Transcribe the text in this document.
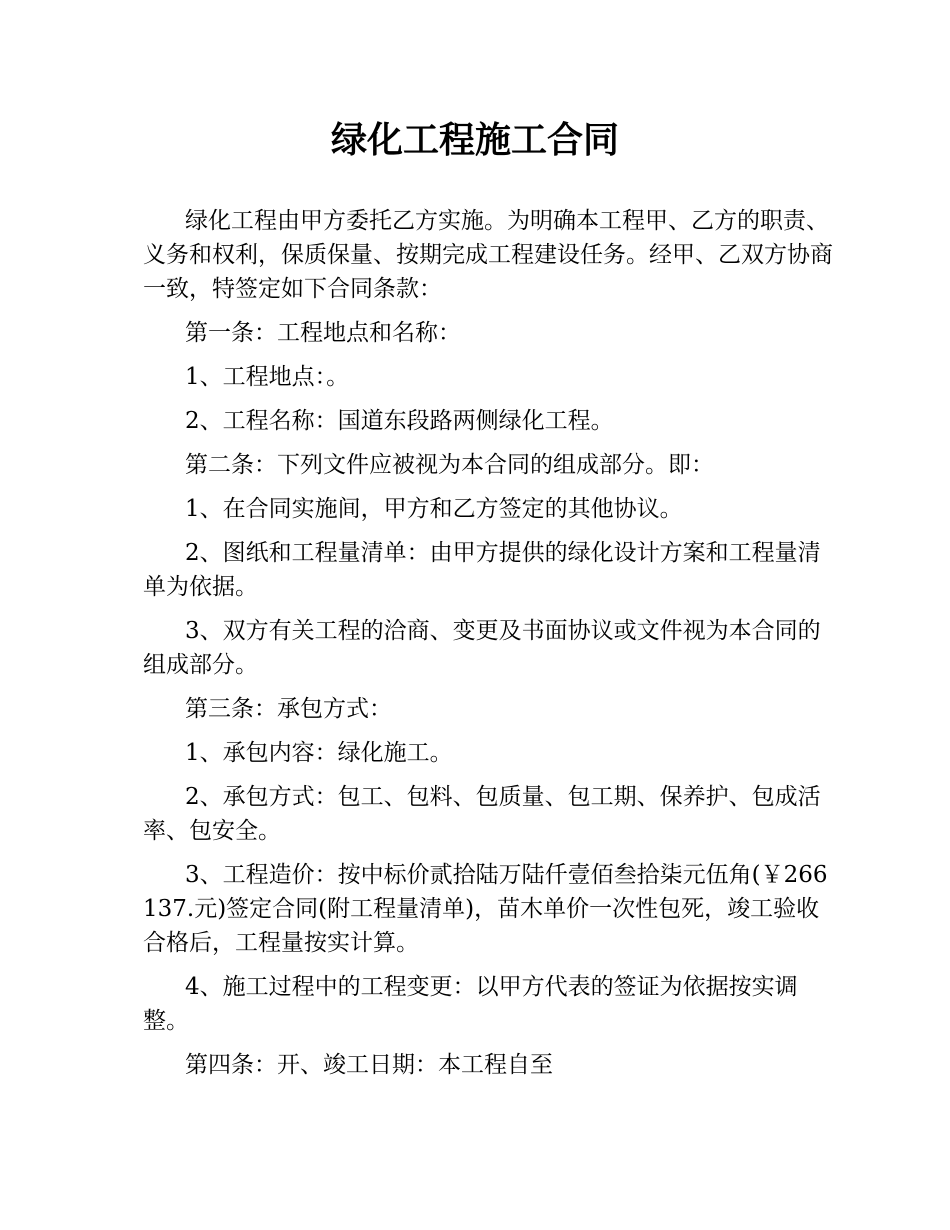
绿化工程施工合同

绿化工程由甲方委托乙方实施。为明确本工程甲、乙方的职责、义务和权利，保质保量、按期完成工程建设任务。经甲、乙双方协商一致，特签定如下合同条款：

第一条：工程地点和名称：

1、工程地点：。

2、工程名称：国道东段路两侧绿化工程。

第二条：下列文件应被视为本合同的组成部分。即：

1、在合同实施间，甲方和乙方签定的其他协议。

2、图纸和工程量清单：由甲方提供的绿化设计方案和工程量清单为依据。

3、双方有关工程的洽商、变更及书面协议或文件视为本合同的组成部分。

第三条：承包方式：

1、承包内容：绿化施工。

2、承包方式：包工、包料、包质量、包工期、保养护、包成活率、包安全。

3、工程造价：按中标价贰拾陆万陆仟壹佰叁拾柒元伍角(￥266137.元)签定合同(附工程量清单)，苗木单价一次性包死，竣工验收合格后，工程量按实计算。

4、施工过程中的工程变更：以甲方代表的签证为依据按实调整。

第四条：开、竣工日期：本工程自至
